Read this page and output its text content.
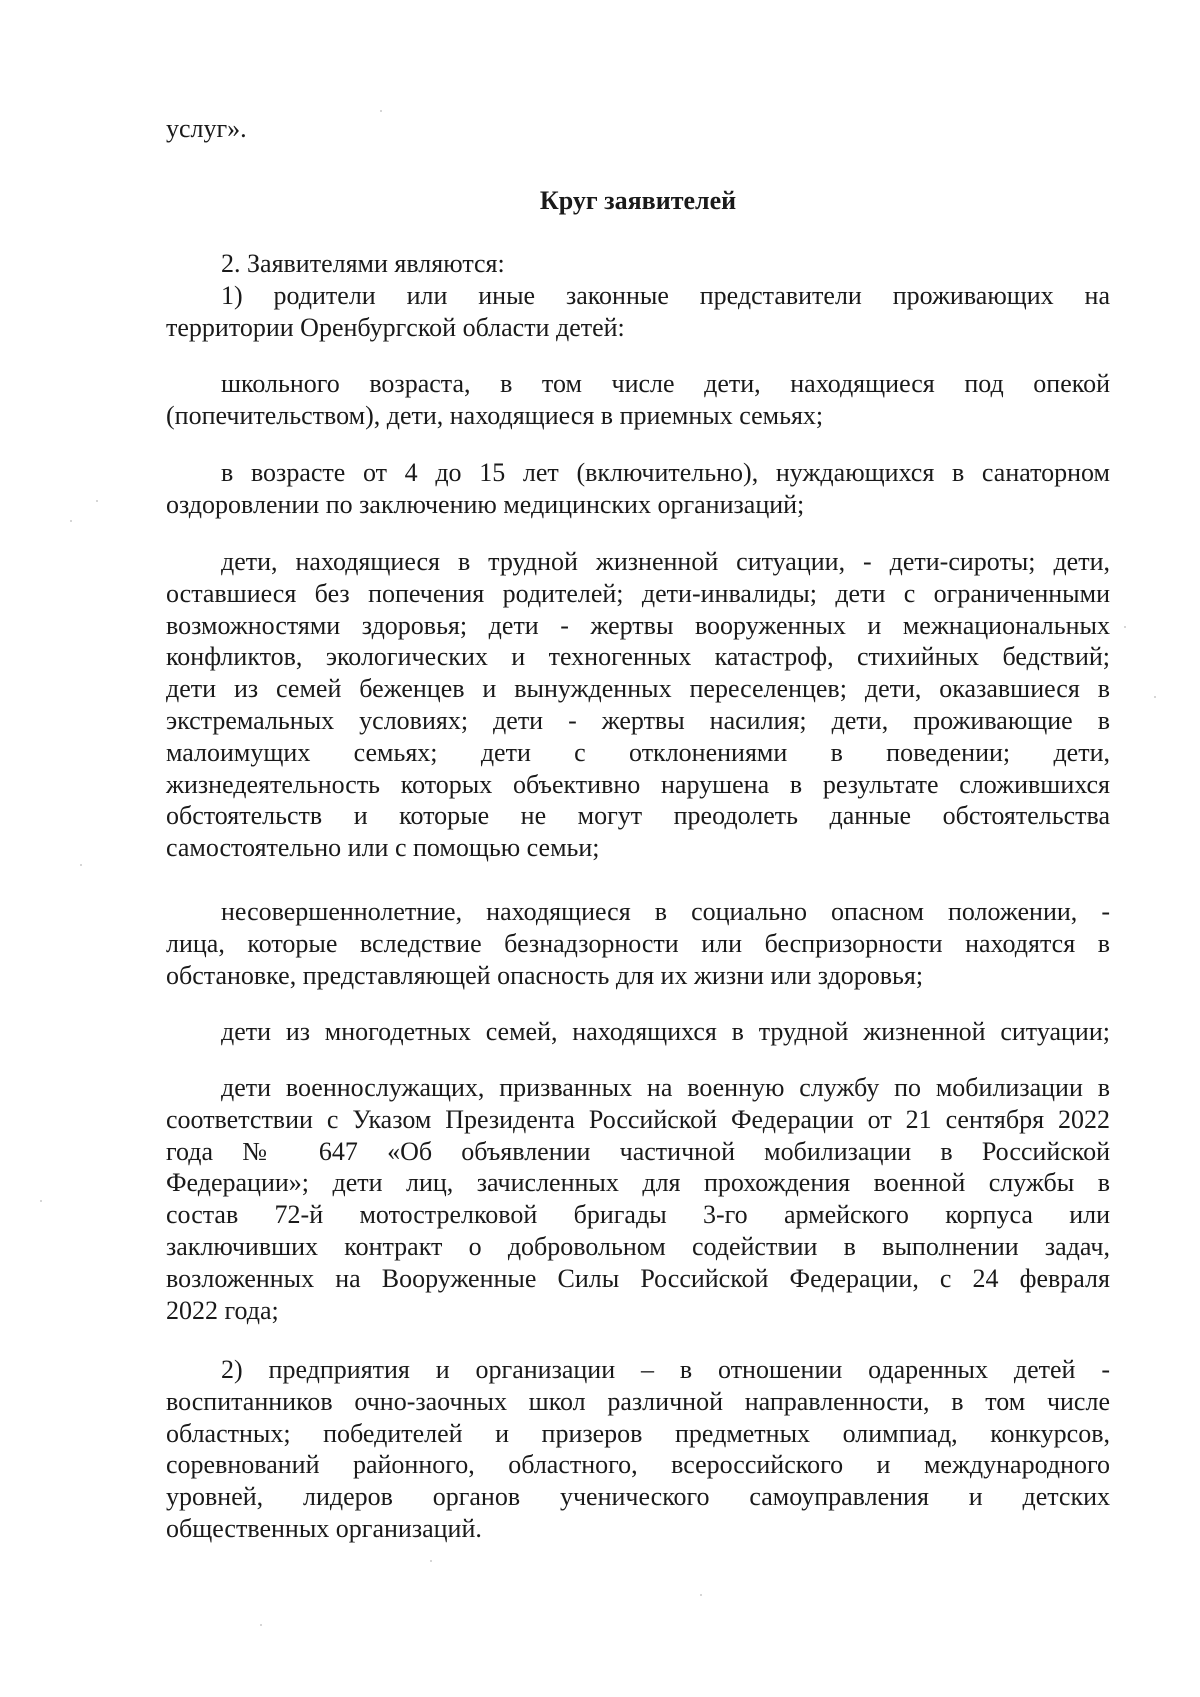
услуг».
Круг заявителей
2. Заявителями являются:
1) родители или иные законные представители проживающих на
территории Оренбургской области детей:
школьного возраста, в том числе дети, находящиеся под опекой
(попечительством), дети, находящиеся в приемных семьях;
в возрасте от 4 до 15 лет (включительно), нуждающихся в санаторном
оздоровлении по заключению медицинских организаций;
дети, находящиеся в трудной жизненной ситуации, - дети-сироты; дети,
оставшиеся без попечения родителей; дети-инвалиды; дети с ограниченными
возможностями здоровья; дети - жертвы вооруженных и межнациональных
конфликтов, экологических и техногенных катастроф, стихийных бедствий;
дети из семей беженцев и вынужденных переселенцев; дети, оказавшиеся в
экстремальных условиях; дети - жертвы насилия; дети, проживающие в
малоимущих семьях; дети с отклонениями в поведении; дети,
жизнедеятельность которых объективно нарушена в результате сложившихся
обстоятельств и которые не могут преодолеть данные обстоятельства
самостоятельно или с помощью семьи;
несовершеннолетние, находящиеся в социально опасном положении, -
лица, которые вследствие безнадзорности или беспризорности находятся в
обстановке, представляющей опасность для их жизни или здоровья;
дети из многодетных семей, находящихся в трудной жизненной ситуации;
дети военнослужащих, призванных на военную службу по мобилизации в
соответствии с Указом Президента Российской Федерации от 21 сентября 2022
года № 647 «Об объявлении частичной мобилизации в Российской
Федерации»; дети лиц, зачисленных для прохождения военной службы в
состав 72-й мотострелковой бригады 3-го армейского корпуса или
заключивших контракт о добровольном содействии в выполнении задач,
возложенных на Вооруженные Силы Российской Федерации, с 24 февраля
2022 года;
2) предприятия и организации – в отношении одаренных детей -
воспитанников очно-заочных школ различной направленности, в том числе
областных; победителей и призеров предметных олимпиад, конкурсов,
соревнований районного, областного, всероссийского и международного
уровней, лидеров органов ученического самоуправления и детских
общественных организаций.
